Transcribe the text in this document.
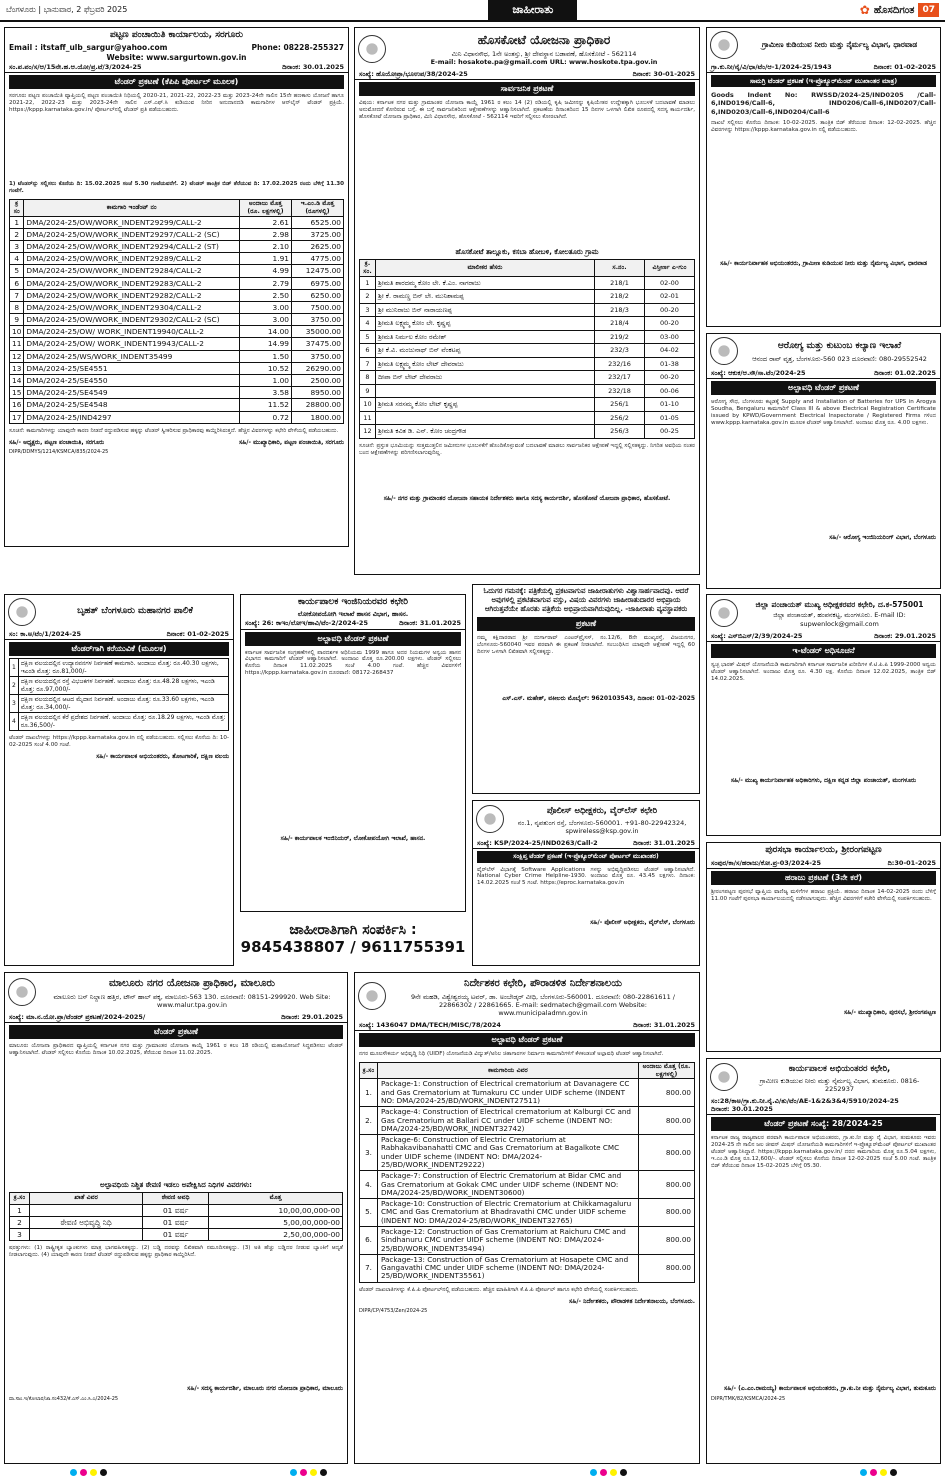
ಬೆಂಗಳೂರು | ಭಾನುವಾರ, 2 ಫೆಬ್ರವರಿ 2025	ಜಾಹೀರಾತು	✿ ಹೊಸದಿಗಂತ 07
ಪಟ್ಟಣ ಪಂಚಾಯಿತಿ ಕಾರ್ಯಾಲಯ, ಸರಗೂರು
Email : itstaff_ulb_sargur@yahoo.com	Phone: 08228-255327
Website: www.sargurtown.gov.in
ಸಂ.ಪ.ಪಂ/ಸ/ಆ/15ನೇ.ಹ.ಆ.ಯೋ/ಪ್ರ.ಟೆ/3/2024-25	ದಿನಾಂಕ: 30.01.2025
ಟೆಂಡರ್ ಪ್ರಕಟಣೆ (ಕೆಪಿಪಿ ಪೋರ್ಟಲ್ ಮೂಲಕ)
ಸರಗೂರು ಪಟ್ಟಣ ಪಂಚಾಯಿತಿ ವ್ಯಾಪ್ತಿಯಲ್ಲಿ ಪಟ್ಟಣ ಪಂಚಾಯಿತಿ ನಿಧಿಯಲ್ಲಿ 2020-21, 2021-22, 2022-23 ಮತ್ತು 2023-24ನೇ ಸಾಲಿನ 15ನೇ ಹಣಕಾಸು ಯೋಜನೆ ಹಾಗೂ 2021-22, 2022-23 ಮತ್ತು 2023-24ನೇ ಸಾಲಿನ ಎಸ್.ಎಫ್.ಸಿ ಕುಡಿಯುವ ನೀರಿನ ಅನುದಾನದಡಿ ಕಾಮಗಾರಿಗಳ ಆನ್‌ಲೈನ್ ಟೆಂಡರ್ ಪ್ರಕ್ರಿಯೆ. https://kppp.karnataka.gov.in/ ಪೋರ್ಟಲ್‌ನಲ್ಲಿ ಟೆಂಡರ್ ಪ್ರತಿ ಪಡೆಯಬಹುದು.
1) ಟೆಂಡರ್‌ನ್ನು ಸಲ್ಲಿಸಲು ಕೊನೆಯ ದಿ: 15.02.2025 ಸಂಜೆ 5.30 ಗಂಟೆಯವರೆಗೆ. 2) ಟೆಂಡರ್ ತಾಂತ್ರಿಕ ಬಿಡ್ ತೆರೆಯುವ ದಿ: 17.02.2025 ರಂದು ಬೆಳಿಗ್ಗೆ 11.30 ಗಂಟೆಗೆ.
ಕ್ರ ಸಂ	ಕಾಮಗಾರಿ ಇಂಡೆಂಟ್ ನಂ	ಅಂದಾಜು ಮೊತ್ತ (ರೂ. ಲಕ್ಷಗಳಲ್ಲಿ)	ಇ.ಎಂ.ಡಿ ಮೊತ್ತ (ರೂಗಳಲ್ಲಿ)
1	DMA/2024-25/OW/WORK_INDENT29299/CALL-2	2.61	6525.00
2	DMA/2024-25/OW/WORK_INDENT29297/CALL-2 (SC)	2.98	3725.00
3	DMA/2024-25/OW/WORK_INDENT29294/CALL-2 (ST)	2.10	2625.00
4	DMA/2024-25/OW/WORK_INDENT29289/CALL-2	1.91	4775.00
5	DMA/2024-25/OW/WORK_INDENT29284/CALL-2	4.99	12475.00
6	DMA/2024-25/OW/WORK_INDENT29283/CALL-2	2.79	6975.00
7	DMA/2024-25/OW/WORK_INDENT29282/CALL-2	2.50	6250.00
8	DMA/2024-25/OW/WORK_INDENT29304/CALL-2	3.00	7500.00
9	DMA/2024-25/OW/WORK_INDENT29302/CALL-2 (SC)	3.00	3750.00
10	DMA/2024-25/OW/ WORK_INDENT19940/CALL-2	14.00	35000.00
11	DMA/2024-25/OW/ WORK_INDENT19943/CALL-2	14.99	37475.00
12	DMA/2024-25/WS/WORK_INDENT35499	1.50	3750.00
13	DMA/2024-25/SE4551	10.52	26290.00
14	DMA/2024-25/SE4550	1.00	2500.00
15	DMA/2024-25/SE4549	3.58	8950.00
16	DMA/2024-25/SE4548	11.52	28800.00
17	DMA/2024-25/IND4297	0.72	1800.00
ಸೂಚನೆ: ಕಾಮಗಾರಿಗಳನ್ನು ಯಾವುದೇ ಕಾರಣ ನೀಡದೆ ರದ್ದುಪಡಿಸುವ ಹಕ್ಕನ್ನು ಟೆಂಡರ್ ಸ್ವೀಕರಿಸುವ ಪ್ರಾಧಿಕಾರವು ಕಾಯ್ದಿರಿಸಿರುತ್ತದೆ. ಹೆಚ್ಚಿನ ವಿವರಗಳನ್ನು ಕಛೇರಿ ವೇಳೆಯಲ್ಲಿ ಪಡೆಯಬಹುದು.
ಸಹಿ/- ಅಧ್ಯಕ್ಷರು, ಪಟ್ಟಣ ಪಂಚಾಯಿತಿ, ಸರಗೂರು	ಸಹಿ/- ಮುಖ್ಯಾಧಿಕಾರಿ, ಪಟ್ಟಣ ಪಂಚಾಯಿತಿ, ಸರಗೂರು
DIPR/DDMYS/1214/KSMCA/835/2024-25
ಹೊಸಕೋಟೆ ಯೋಜನಾ ಪ್ರಾಧಿಕಾರ
ಮಿನಿ ವಿಧಾನಸೌಧ, 1ನೇ ಅಂತಸ್ತು, ಶ್ರೀ ದೇವಸ್ಥಾನ ಬಡಾವಣೆ, ಹೊಸಕೋಟೆ - 562114
E-mail: hosakote.pa@gmail.com URL: www.hoskote.tpa.gov.in
ಸಂಖ್ಯೆ: ಹೊಯೋಪ್ರಾ/ಭೂಉಪ/38/2024-25	ದಿನಾಂಕ: 30-01-2025
ಸಾರ್ವಜನಿಕ ಪ್ರಕಟಣೆ
ವಿಷಯ: ಕರ್ನಾಟಕ ನಗರ ಮತ್ತು ಗ್ರಾಮಾಂತರ ಯೋಜನಾ ಕಾಯ್ದೆ 1961 ರ ಕಲಂ 14 (2) ರಡಿಯಲ್ಲಿ ಕೃಷಿ ಜಮೀನನ್ನು ಕೃಷಿಯೇತರ ಉದ್ದೇಶಕ್ಕಾಗಿ ಭೂಬಳಕೆ ಬದಲಾವಣೆ ಮಾಡಲು ಅನುಮೋದನೆ ಕೋರಿರುವ ಬಗ್ಗೆ. ಈ ಬಗ್ಗೆ ಸಾರ್ವಜನಿಕರಿಂದ ಆಕ್ಷೇಪಣೆಗಳನ್ನು ಆಹ್ವಾನಿಸಲಾಗಿದೆ. ಪ್ರಕಟಣೆಯ ದಿನಾಂಕದಿಂದ 15 ದಿನಗಳ ಒಳಗಾಗಿ ಲಿಖಿತ ರೂಪದಲ್ಲಿ ಸದಸ್ಯ ಕಾರ್ಯದರ್ಶಿ, ಹೊಸಕೋಟೆ ಯೋಜನಾ ಪ್ರಾಧಿಕಾರ, ಮಿನಿ ವಿಧಾನಸೌಧ, ಹೊಸಕೋಟೆ - 562114 ಇವರಿಗೆ ಸಲ್ಲಿಸಲು ಕೋರಲಾಗಿದೆ.
ಹೊಸಕೋಟೆ ತಾಲ್ಲೂಕು, ಕಸಬಾ ಹೋಬಳಿ, ಕೋಲತೂರು ಗ್ರಾಮ
ಕ್ರ. ಸಂ.	ಮಾಲೀಕರ ಹೆಸರು	ಸ.ನಂ.	ವಿಸ್ತೀರ್ಣ ಎ-ಗುಂ
1	ಶ್ರೀಮತಿ ಶಾರದಮ್ಮ ಕೋಂ ಲೇ. ಕೆ.ಎಂ. ನಾಗರಾಜು	218/1	02-00
2	ಶ್ರೀ ಕೆ. ರಾಮಣ್ಣ ಬಿನ್ ಲೇ. ಮುನಿಶಾಮಪ್ಪ	218/2	02-01
3	ಶ್ರೀ ಮುನಿರಾಜು ಬಿನ್ ನಾರಾಯಣಪ್ಪ	218/3	00-20
4	ಶ್ರೀಮತಿ ಲಕ್ಷ್ಮಮ್ಮ ಕೋಂ ಲೇ. ಕೃಷ್ಣಪ್ಪ	218/4	00-20
5	ಶ್ರೀಮತಿ ನಿರ್ಮಲ ಕೋಂ ರಮೇಶ್	219/2	03-00
6	ಶ್ರೀ ಕೆ.ವಿ. ಮಂಜುನಾಥ್ ಬಿನ್ ವೆಂಕಟಪ್ಪ	232/3	04-02
7	ಶ್ರೀಮತಿ ಲಕ್ಷ್ಮಮ್ಮ ಕೋಂ ಲೇಟ್ ದೇವರಾಜು	232/16	01-38
8	ದೀಪಾ ಬಿನ್ ಲೇಟ್ ದೇವರಾಜು	232/17	00-20
9		232/18	00-06
10	ಶ್ರೀಮತಿ ಸರಸಮ್ಮ ಕೋಂ ಲೇಟ್ ಕೃಷ್ಣಪ್ಪ	256/1	01-10
11		256/2	01-05
12	ಶ್ರೀಮತಿ ಕವಿತ ಡಿ. ಎನ್. ಕೋಂ ಚಂದ್ರಗೌಡ	256/3	00-25
ಸೂಚನೆ: ಪ್ರಸ್ತುತ ಭೂಮಿಯನ್ನು ಸುತ್ತಮುತ್ತಲಿನ ಜಮೀನುಗಳ ಭೂಬಳಕೆಗೆ ಹೊಂದಿಕೊಳ್ಳುವಂತೆ ಬದಲಾವಣೆ ಮಾಡಲು ಸಾರ್ವಜನಿಕರ ಆಕ್ಷೇಪಣೆ ಇದ್ದಲ್ಲಿ ಸಲ್ಲಿಸತಕ್ಕದ್ದು. ನಿಗದಿತ ಅವಧಿಯ ನಂತರ ಬಂದ ಆಕ್ಷೇಪಣೆಗಳನ್ನು ಪರಿಗಣಿಸಲಾಗುವುದಿಲ್ಲ.
ಸಹಿ/- ನಗರ ಮತ್ತು ಗ್ರಾಮಾಂತರ ಯೋಜನಾ ಸಹಾಯಕ ನಿರ್ದೇಶಕರು ಹಾಗೂ ಸದಸ್ಯ ಕಾರ್ಯದರ್ಶಿ, ಹೊಸಕೋಟೆ ಯೋಜನಾ ಪ್ರಾಧಿಕಾರ, ಹೊಸಕೋಟೆ.
ಗ್ರಾಮೀಣ ಕುಡಿಯುವ ನೀರು ಮತ್ತು ನೈರ್ಮಲ್ಯ ವಿಭಾಗ, ಧಾರವಾಡ
ಗ್ರಾ.ಕು.ನೀ/ನೈ/ವಿ/ಧಾ/ಟೆಂ/ಆ-1/2024-25/1943	ದಿನಾಂಕ: 01-02-2025
ಸಾಮಗ್ರಿ ಟೆಂಡರ್ ಪ್ರಕಟಣೆ (ಇ-ಪ್ರೊಕ್ಯೂರ್‌ಮೆಂಟ್ ಮುಖಾಂತರ ಮಾತ್ರ)
Goods Indent No: RWSSD/2024-25/IND0205 /Call-6,IND0196/Call-6, IND0206/Call-6,IND0207/Call-6,IND0203/Call-6,IND0204/Call-6
ದಾಖಲೆ ಸಲ್ಲಿಸಲು ಕೊನೆಯ ದಿನಾಂಕ: 10-02-2025. ತಾಂತ್ರಿಕ ಬಿಡ್ ತೆರೆಯುವ ದಿನಾಂಕ: 12-02-2025. ಹೆಚ್ಚಿನ ವಿವರಗಳನ್ನು https://kppp.karnataka.gov.in ನಲ್ಲಿ ಪಡೆಯಬಹುದು.
ಸಹಿ/- ಕಾರ್ಯನಿರ್ವಾಹಕ ಅಭಿಯಂತರರು, ಗ್ರಾಮೀಣ ಕುಡಿಯುವ ನೀರು ಮತ್ತು ನೈರ್ಮಲ್ಯ ವಿಭಾಗ, ಧಾರವಾಡ
ಆರೋಗ್ಯ ಮತ್ತು ಕುಟುಂಬ ಕಲ್ಯಾಣ ಇಲಾಖೆ
ಆನಂದ ರಾವ್ ವೃತ್ತ, ಬೆಂಗಳೂರು-560 023 ದೂರವಾಣಿ: 080-29552542
ಸಂಖ್ಯೆ: ಆಕುಕ/ಆ.ಸೌ/ಸಾ.ಟೆಂ/2024-25	ದಿನಾಂಕ: 01.02.2025
ಅಲ್ಪಾವಧಿ ಟೆಂಡರ್ ಪ್ರಕಟಣೆ
ಆರೋಗ್ಯ ಸೌಧ, ಬೆಂಗಳೂರು ಕಟ್ಟಡಕ್ಕೆ Supply and Installation of Batteries for UPS in Arogya Soudha, Bengaluru ಕಾಮಗಾರಿಗೆ Class III & above Electrical Registration Certificate issued by KPWD/Government Electrical Inspectorate / Registered Firms ಗಳಿಂದ www.kppp.karnataka.gov.in ಮೂಲಕ ಟೆಂಡರ್ ಆಹ್ವಾನಿಸಲಾಗಿದೆ. ಅಂದಾಜು ಮೊತ್ತ ರೂ. 4.00 ಲಕ್ಷಗಳು.
ಸಹಿ/- ಆರೋಗ್ಯ ಇಂಜಿನಿಯರಿಂಗ್ ವಿಭಾಗ, ಬೆಂಗಳೂರು
ಬೃಹತ್ ಬೆಂಗಳೂರು ಮಹಾನಗರ ಪಾಲಿಕೆ
ಸಂ: ಕಾ.ಅ/ಟೆಂ/1/2024-25	ದಿನಾಂಕ: 01-02-2025
ಟೆಂಡರ್‌ಗಾಗಿ ಕರೆಯುವಿಕೆ (ಮೂಲಕ)
1	ದಕ್ಷಿಣ ವಲಯದಲ್ಲಿನ ಉದ್ಯಾನವನಗಳ ನಿರ್ವಹಣೆ ಕಾಮಗಾರಿ. ಅಂದಾಜು ಮೊತ್ತ: ರೂ.40.30 ಲಕ್ಷಗಳು, ಇಎಂಡಿ ಮೊತ್ತ: ರೂ.81,000/-
2	ದಕ್ಷಿಣ ವಲಯದಲ್ಲಿನ ರಸ್ತೆ ವಿಭಜಕಗಳ ನಿರ್ವಹಣೆ. ಅಂದಾಜು ಮೊತ್ತ: ರೂ.48.28 ಲಕ್ಷಗಳು, ಇಎಂಡಿ ಮೊತ್ತ: ರೂ.97,000/-
3	ದಕ್ಷಿಣ ವಲಯದಲ್ಲಿನ ಆಟದ ಮೈದಾನ ನಿರ್ವಹಣೆ. ಅಂದಾಜು ಮೊತ್ತ: ರೂ.33.60 ಲಕ್ಷಗಳು, ಇಎಂಡಿ ಮೊತ್ತ: ರೂ.34,000/-
4	ದಕ್ಷಿಣ ವಲಯದಲ್ಲಿನ ಕೆರೆ ಪ್ರದೇಶದ ನಿರ್ವಹಣೆ. ಅಂದಾಜು ಮೊತ್ತ: ರೂ.18.29 ಲಕ್ಷಗಳು, ಇಎಂಡಿ ಮೊತ್ತ: ರೂ.36,500/-
ಟೆಂಡರ್ ದಾಖಲೆಗಳನ್ನು https://kppp.karnataka.gov.in ನಲ್ಲಿ ಪಡೆಯಬಹುದು. ಸಲ್ಲಿಸಲು ಕೊನೆಯ ದಿ: 10-02-2025 ಸಂಜೆ 4.00 ಗಂಟೆ.
ಸಹಿ/- ಕಾರ್ಯಪಾಲಕ ಅಭಿಯಂತರರು, ತೋಟಗಾರಿಕೆ, ದಕ್ಷಿಣ ವಲಯ
ಕಾರ್ಯಪಾಲಕ ಇಂಜಿನಿಯರವರ ಕಛೇರಿ
ಲೋಕೋಪಯೋಗಿ ಇಲಾಖೆ ಹಾಸನ ವಿಭಾಗ, ಹಾಸನ.
ಸಂಖ್ಯೆ: 26: ಕಾಇಂ/ಲೋಇ/ಹಾವಿ/ಟೆಂ-2/2024-25	ದಿನಾಂಕ: 31.01.2025
ಅಲ್ಪಾವಧಿ ಟೆಂಡರ್ ಪ್ರಕಟಣೆ
ಕರ್ನಾಟಕ ಸಾರ್ವಜನಿಕ ಸಂಗ್ರಹಣೆಗಳಲ್ಲಿ ಪಾರದರ್ಶಕ ಅಧಿನಿಯಮ 1999 ಹಾಗೂ ಅದರ ನಿಯಮಗಳ ಅನ್ವಯ ಹಾಸನ ವಿಭಾಗದ ಕಾಮಗಾರಿಗೆ ಟೆಂಡರ್ ಆಹ್ವಾನಿಸಲಾಗಿದೆ. ಅಂದಾಜು ಮೊತ್ತ ರೂ.200.00 ಲಕ್ಷಗಳು. ಟೆಂಡರ್ ಸಲ್ಲಿಸಲು ಕೊನೆಯ ದಿನಾಂಕ 11.02.2025 ಸಂಜೆ 4.00 ಗಂಟೆ. ಹೆಚ್ಚಿನ ವಿವರಗಳಿಗೆ https://kppp.karnataka.gov.in ದೂರವಾಣಿ: 08172-268437
ಸಹಿ/- ಕಾರ್ಯಪಾಲಕ ಇಂಜಿನಿಯರ್, ಲೋಕೋಪಯೋಗಿ ಇಲಾಖೆ, ಹಾಸನ.
ಜಾಹೀರಾತಿಗಾಗಿ ಸಂಪರ್ಕಿಸಿ :
9845438807 / 9611755391
ಓದುಗರ ಗಮನಕ್ಕೆ: ಪತ್ರಿಕೆಯಲ್ಲಿ ಪ್ರಕಟವಾಗುವ ಜಾಹೀರಾತುಗಳು ವಿಶ್ವಾಸಾರ್ಹವಾದವು. ಆದರೆ ಅವುಗಳಲ್ಲಿ ಪ್ರಕಟಿತವಾಗುವ ವಸ್ತು, ವಿಷಯ ವಿವರಗಳು ಜಾಹೀರಾತುದಾರರ ಅಭಿಪ್ರಾಯ ಆಗಿರುತ್ತವೆಯೇ ಹೊರತು ಪತ್ರಿಕೆಯ ಅಭಿಪ್ರಾಯವಾಗಿರುವುದಿಲ್ಲ. -ಜಾಹೀರಾತು ವ್ಯವಸ್ಥಾಪಕರು
ಪ್ರಕಟಣೆ
ನಮ್ಮ ಕಕ್ಷಿದಾರರಾದ ಶ್ರೀ ದುರ್ಗಾರಾವ್ ಎಂಟರ್‌ಪ್ರೈಸಸ್, ನಂ.12/6, 8ನೇ ಮುಖ್ಯರಸ್ತೆ, ವಿಜಯನಗರ, ಬೆಂಗಳೂರು-560040 ಇವರ ಪರವಾಗಿ ಈ ಪ್ರಕಟಣೆ ನೀಡಲಾಗಿದೆ. ಸಂಬಂಧಿಸಿದ ಯಾವುದೇ ಆಕ್ಷೇಪಣೆ ಇದ್ದಲ್ಲಿ 60 ದಿನಗಳ ಒಳಗಾಗಿ ಲಿಖಿತವಾಗಿ ಸಲ್ಲಿಸತಕ್ಕದ್ದು.
ಎಸ್.ಎಸ್. ಮಹೇಶ್, ವಕೀಲರು ಮೊಬೈಲ್: 9620103543, ದಿನಾಂಕ: 01-02-2025
ಪೊಲೀಸ್ ಅಧೀಕ್ಷಕರು, ವೈರ್‌ಲೆಸ್ ಕಛೇರಿ
ನಂ.1, ನೃಪತುಂಗ ರಸ್ತೆ, ಬೆಂಗಳೂರು-560001. +91-80-22942324, spwireless@ksp.gov.in
ಸಂಖ್ಯೆ: KSP/2024-25/IND0263/Call-2	ದಿನಾಂಕ: 31.01.2025
ಸಂಕ್ಷಿಪ್ತ ಟೆಂಡರ್ ಪ್ರಕಟಣೆ (ಇ-ಪ್ರೊಕ್ಯೂರ್‌ಮೆಂಟ್ ಪೋರ್ಟಲ್ ಮುಖಾಂತರ)
ವೈರ್‌ಲೆಸ್ ವಿಭಾಗಕ್ಕೆ Software Applications ಗಳನ್ನು ಅಭಿವೃದ್ಧಿಪಡಿಸಲು ಟೆಂಡರ್ ಆಹ್ವಾನಿಸಲಾಗಿದೆ. National Cyber Crime Helpline-1930. ಅಂದಾಜು ಮೊತ್ತ ರೂ. 43.45 ಲಕ್ಷಗಳು. ದಿನಾಂಕ: 14.02.2025 ಸಂಜೆ 5 ಗಂಟೆ. https://eproc.karnataka.gov.in
ಸಹಿ/- ಪೊಲೀಸ್ ಅಧೀಕ್ಷಕರು, ವೈರ್‌ಲೆಸ್, ಬೆಂಗಳೂರು
ಜಿಲ್ಲಾ ಪಂಚಾಯತ್ ಮುಖ್ಯ ಅಧೀಕ್ಷಕರವರ ಕಛೇರಿ, ದ.ಕ-575001
ಜಿಲ್ಲಾ ಪಂಚಾಯತ್, ಹಂಪನಕಟ್ಟ, ಮಂಗಳೂರು. E-mail ID: supwenlock@gmail.com
ಸಂಖ್ಯೆ: ಎಸ್‌ಬಿಎಸ್/2/39/2024-25	ದಿನಾಂಕ: 29.01.2025
ಇ-ಟೆಂಡರ್ ಅಧಿಸೂಚನೆ
ಸ್ವಚ್ಛ ಭಾರತ್ ಮಿಷನ್ ಯೋಜನೆಯಡಿ ಕಾಮಗಾರಿಗಾಗಿ ಕರ್ನಾಟಕ ಸಾರ್ವಜನಿಕ ಖರೀದಿಗಳ ಕೆ.ಟಿ.ಪಿ.ಪಿ 1999-2000 ಅನ್ವಯ ಟೆಂಡರ್ ಆಹ್ವಾನಿಸಲಾಗಿದೆ. ಅಂದಾಜು ಮೊತ್ತ ರೂ. 4.30 ಲಕ್ಷ. ಕೊನೆಯ ದಿನಾಂಕ 12.02.2025, ತಾಂತ್ರಿಕ ಬಿಡ್ 14.02.2025.
ಸಹಿ/- ಮುಖ್ಯ ಕಾರ್ಯನಿರ್ವಾಹಕ ಅಧಿಕಾರಿಗಳು, ದಕ್ಷಿಣ ಕನ್ನಡ ಜಿಲ್ಲಾ ಪಂಚಾಯತ್, ಮಂಗಳೂರು
ಪುರಸಭಾ ಕಾರ್ಯಾಲಯ, ಶ್ರೀರಂಗಪಟ್ಟಣ
ಸಂಪುರ/ಕಾ/ಸ/ಹರಾಜು/ಕೋ.ಪ್ರ-03/2024-25	ದಿ:30-01-2025
ಹರಾಜು ಪ್ರಕಟಣೆ (3ನೇ ಕರೆ)
ಶ್ರೀರಂಗಪಟ್ಟಣ ಪುರಸಭೆ ವ್ಯಾಪ್ತಿಯ ವಾಣಿಜ್ಯ ಮಳಿಗೆಗಳ ಹರಾಜು ಪ್ರಕ್ರಿಯೆ. ಹರಾಜು ದಿನಾಂಕ 14-02-2025 ರಂದು ಬೆಳಿಗ್ಗೆ 11.00 ಗಂಟೆಗೆ ಪುರಸಭಾ ಕಾರ್ಯಾಲಯದಲ್ಲಿ ನಡೆಸಲಾಗುವುದು. ಹೆಚ್ಚಿನ ವಿವರಗಳಿಗೆ ಕಚೇರಿ ವೇಳೆಯಲ್ಲಿ ಸಂಪರ್ಕಿಸಬಹುದು.
ಸಹಿ/- ಮುಖ್ಯಾಧಿಕಾರಿ, ಪುರಸಭೆ, ಶ್ರೀರಂಗಪಟ್ಟಣ
ಮಾಲೂರು ನಗರ ಯೋಜನಾ ಪ್ರಾಧಿಕಾರ, ಮಾಲೂರು
ಮಾಲೂರು ಬಸ್ ನಿಲ್ದಾಣ ಹತ್ತಿರ, ಟೌನ್ ಹಾಲ್ ಪಕ್ಕ, ಮಾಲೂರು-563 130. ದೂರವಾಣಿ: 08151-299920. Web Site: www.malur.tpa.gov.in
ಸಂಖ್ಯೆ: ಮಾ.ನ.ಯೋ.ಪ್ರಾ/ಟೆಂಡರ್ ಪ್ರಕಟಣೆ/2024-2025/	ದಿನಾಂಕ: 29.01.2025
ಟೆಂಡರ್ ಪ್ರಕಟಣೆ
ಮಾಲೂರು ಯೋಜನಾ ಪ್ರಾಧಿಕಾರದ ವ್ಯಾಪ್ತಿಯಲ್ಲಿ ಕರ್ನಾಟಕ ನಗರ ಮತ್ತು ಗ್ರಾಮಾಂತರ ಯೋಜನಾ ಕಾಯ್ದೆ 1961 ರ ಕಲಂ 18 ರಡಿಯಲ್ಲಿ ಮಹಾಯೋಜನೆ ಸಿದ್ಧಪಡಿಸಲು ಟೆಂಡರ್ ಆಹ್ವಾನಿಸಲಾಗಿದೆ. ಟೆಂಡರ್ ಸಲ್ಲಿಸಲು ಕೊನೆಯ ದಿನಾಂಕ 10.02.2025, ತೆರೆಯುವ ದಿನಾಂಕ 11.02.2025.
ಅಲ್ಪಾವಧಿಯ ನಿಶ್ಚಿತ ಠೇವಣಿ ಇಡಲು ಅಪೇಕ್ಷಿಸಿದ ನಿಧಿಗಳ ವಿವರಗಳು:
ಕ್ರ.ಸಂ	ಖಾತೆ ವಿವರ	ಠೇವಣಿ ಅವಧಿ	ಮೊತ್ತ
1		01 ವರ್ಷ	10,00,00,000-00
2	ಠೇವಣಿ ಅಭಿವೃದ್ಧಿ ನಿಧಿ	01 ವರ್ಷ	5,00,00,000-00
3		01 ವರ್ಷ	2,50,00,000-00
ಷರತ್ತುಗಳು: (1) ರಾಷ್ಟ್ರೀಕೃತ ಬ್ಯಾಂಕುಗಳು ಮಾತ್ರ ಭಾಗವಹಿಸತಕ್ಕದ್ದು. (2) ಬಡ್ಡಿ ದರವನ್ನು ಲಿಖಿತವಾಗಿ ನಮೂದಿಸತಕ್ಕದ್ದು. (3) ಅತಿ ಹೆಚ್ಚು ಬಡ್ಡಿದರ ನೀಡುವ ಬ್ಯಾಂಕಿಗೆ ಆದ್ಯತೆ ನೀಡಲಾಗುವುದು. (4) ಯಾವುದೇ ಕಾರಣ ನೀಡದೆ ಟೆಂಡರ್ ರದ್ದುಪಡಿಸುವ ಹಕ್ಕನ್ನು ಪ್ರಾಧಿಕಾರ ಕಾಯ್ದಿರಿಸಿದೆ.
ಸಹಿ/- ಸದಸ್ಯ ಕಾರ್ಯದರ್ಶಿ, ಮಾಲೂರು ನಗರ ಯೋಜನಾ ಪ್ರಾಧಿಕಾರ, ಮಾಲೂರು
ವಾ.ಸಾಂ.ಇ/ಕೋಲಾರ/ಜಾ.ಸಂ432/ಕೆ.ಎಸ್.ಎಂ.ಸಿ.ಎ/2024-25
ನಿರ್ದೇಶಕರ ಕಛೇರಿ, ಪೌರಾಡಳಿತ ನಿರ್ದೇಶನಾಲಯ
9ನೇ ಮಹಡಿ, ವಿಶ್ವೇಶ್ವರಯ್ಯ ಟವರ್, ಡಾ. ಅಂಬೇಡ್ಕರ್ ವೀಧಿ, ಬೆಂಗಳೂರು-560001. ದೂರವಾಣಿ: 080-22861611 / 22866302 / 22861665. E-mail: sedmatech@gmail.com Website: www.municipaladmn.gov.in
ಸಂಖ್ಯೆ: 1436047 DMA/TECH/MISC/78/2024	ದಿನಾಂಕ: 31.01.2025
ಅಲ್ಪಾವಧಿ ಟೆಂಡರ್ ಪ್ರಕಟಣೆ
ನಗರ ಮೂಲಸೌಕರ್ಯ ಅಭಿವೃದ್ಧಿ ನಿಧಿ (UIDF) ಯೋಜನೆಯಡಿ ವಿದ್ಯುತ್/ಅನಿಲ ಚಿತಾಗಾರಗಳ ನಿರ್ಮಾಣ ಕಾಮಗಾರಿಗಳಿಗೆ ಕೆಳಕಂಡಂತೆ ಅಲ್ಪಾವಧಿ ಟೆಂಡರ್ ಆಹ್ವಾನಿಸಲಾಗಿದೆ.
ಕ್ರ.ಸಂ	ಕಾಮಗಾರಿಯ ವಿವರ	ಅಂದಾಜು ಮೊತ್ತ (ರೂ. ಲಕ್ಷಗಳಲ್ಲಿ)
1.	Package-1: Construction of Electrical crematorium at Davanagere CC and Gas Crematorium at Tumakuru CC under UIDF scheme (INDENT NO: DMA/2024-25/BD/WORK_INDENT27511)	800.00
2.	Package-4: Construction of Electrical crematorium at Kalburgi CC and Gas Crematorium at Ballari CC under UIDF scheme (INDENT NO: DMA/2024-25/BD/WORK_INDENT32742)	800.00
3.	Package-6: Construction of Electric Crematorium at Rabhakavibanahatti CMC and Gas Crematorium at Bagalkote CMC under UIDF scheme (INDENT NO: DMA/2024-25/BD/WORK_INDENT29222)	800.00
4.	Package-7: Construction of Electric Crematorium at Bidar CMC and Gas Crematorium at Gokak CMC under UIDF scheme (INDENT NO: DMA/2024-25/BD/WORK_INDENT30600)	800.00
5.	Package-10: Construction of Electric Crematorium at Chikkamagaluru CMC and Gas Crematorium at Bhadravathi CMC under UIDF scheme (INDENT NO: DMA/2024-25/BD/WORK_INDENT32765)	800.00
6.	Package-12: Construction of Gas Crematorium at Raichuru CMC and Sindhanuru CMC under UIDF scheme (INDENT NO: DMA/2024-25/BD/WORK_INDENT35494)	800.00
7.	Package-13: Construction of Gas Crematorium at Hosapete CMC and Gangavathi CMC under UIDF scheme (INDENT NO: DMA/2024-25/BD/WORK_INDENT35561)	800.00
ಟೆಂಡರ್ ದಾಖಲಾತಿಗಳನ್ನು ಕೆ.ಪಿ.ಪಿ ಪೋರ್ಟಲ್‌ನಲ್ಲಿ ಪಡೆಯಬಹುದು. ಹೆಚ್ಚಿನ ಮಾಹಿತಿಗಾಗಿ ಕೆ.ಪಿ.ಪಿ ಪೋರ್ಟಲ್ ಹಾಗೂ ಕಛೇರಿ ವೇಳೆಯಲ್ಲಿ ಸಂಪರ್ಕಿಸಬಹುದು.
ಸಹಿ/- ನಿರ್ದೇಶಕರು, ಪೌರಾಡಳಿತ ನಿರ್ದೇಶನಾಲಯ, ಬೆಂಗಳೂರು.
DIPR/CP/4753/Zen/2024-25
ಕಾರ್ಯಪಾಲಕ ಅಭಿಯಂತರರ ಕಛೇರಿ,
ಗ್ರಾಮೀಣ ಕುಡಿಯುವ ನೀರು ಮತ್ತು ನೈರ್ಮಲ್ಯ ವಿಭಾಗ, ತುಮಕೂರು. 0816-2252937
ಸಂ:28/ಕಾಅ/ಗ್ರಾ.ಕು.ನೀ.ನೈ.ವಿ/ತು/ಟೆಂ/AE-1&2&3&4/5910/2024-25
ದಿನಾಂಕ: 30.01.2025
ಟೆಂಡರ್ ಪ್ರಕಟಣೆ ಸಂಖ್ಯೆ: 28/2024-25
ಕರ್ನಾಟಕ ರಾಜ್ಯ ರಾಜ್ಯಪಾಲರ ಪರವಾಗಿ ಕಾರ್ಯಪಾಲಕ ಅಭಿಯಂತರರು, ಗ್ರಾ.ಕು.ನೀ ಮತ್ತು ನೈ ವಿಭಾಗ, ತುಮಕೂರು ಇವರು 2024-25 ನೇ ಸಾಲಿನ ಜಲ ಜೀವನ್ ಮಿಷನ್ ಯೋಜನೆಯಡಿ ಕಾಮಗಾರಿಗಳಿಗೆ ಇ-ಪ್ರೊಕ್ಯೂರ್‌ಮೆಂಟ್ ಪೋರ್ಟಲ್ ಮುಖಾಂತರ ಟೆಂಡರ್ ಆಹ್ವಾನಿಸಿದ್ದಾರೆ. https://kppp.karnataka.gov.in/ ದರದ ಕಾಮಗಾರಿಯ ಮೊತ್ತ ರೂ.5.04 ಲಕ್ಷಗಳು, ಇ.ಎಂ.ಡಿ ಮೊತ್ತ ರೂ.12,600/-. ಟೆಂಡರ್ ಸಲ್ಲಿಸಲು ಕೊನೆಯ ದಿನಾಂಕ 12-02-2025 ಸಂಜೆ 5.00 ಗಂಟೆ. ತಾಂತ್ರಿಕ ಬಿಡ್ ತೆರೆಯುವ ದಿನಾಂಕ 15-02-2025 ಬೆಳಿಗ್ಗೆ 05.30.
ಸಹಿ/- (ಎ.ಎಂ.ರಾಮಯ್ಯ) ಕಾರ್ಯಪಾಲಕ ಅಭಿಯಂತರರು, ಗ್ರಾ.ಕು.ನೀ ಮತ್ತು ನೈರ್ಮಲ್ಯ ವಿಭಾಗ, ತುಮಕೂರು
DIPR/TMK/82/KSMCA/2024-25
